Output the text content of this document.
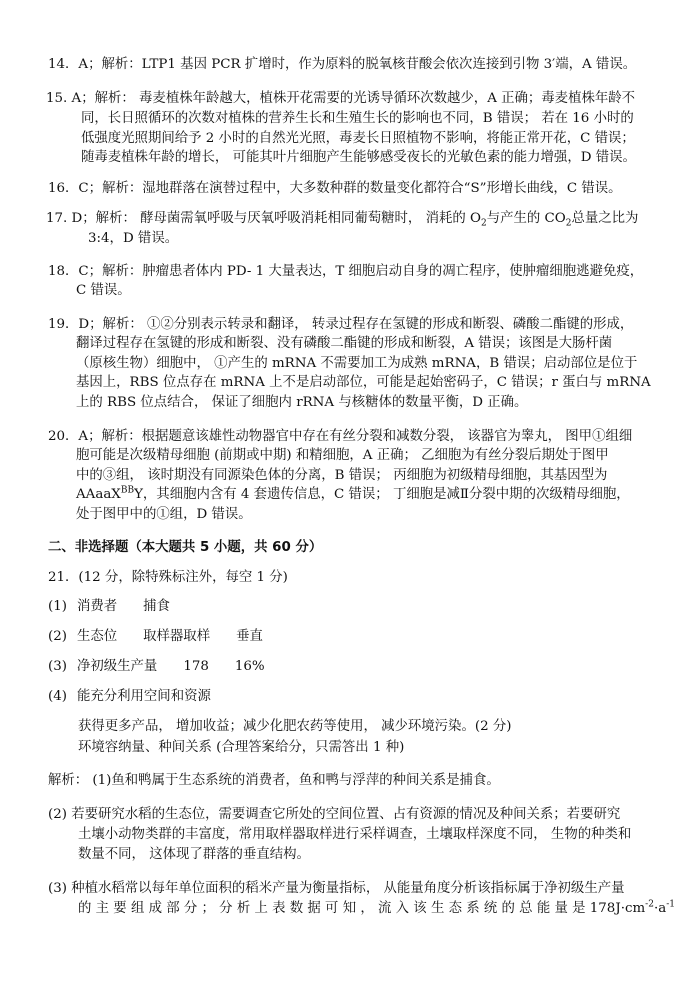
14．A；解析：LTP1 基因 PCR 扩增时，作为原料的脱氧核苷酸会依次连接到引物 3′端，A 错误。
15. A；解析： 毒麦植株年龄越大，植株开花需要的光诱导循环次数越少，A 正确；毒麦植株年龄不
同，长日照循环的次数对植株的营养生长和生殖生长的影响也不同，B 错误； 若在 16 小时的
低强度光照期间给予 2 小时的自然光光照，毒麦长日照植物不影响，将能正常开花，C 错误；
随毒麦植株年龄的增长， 可能其叶片细胞产生能够感受夜长的光敏色素的能力增强，D 错误。
16．C；解析：湿地群落在演替过程中，大多数种群的数量变化都符合“S”形增长曲线，C 错误。
17. D；解析： 酵母菌需氧呼吸与厌氧呼吸消耗相同葡萄糖时， 消耗的 $O_2$与产生的 $CO_2$总量之比为
3:4，D 错误。
18．C；解析：肿瘤患者体内 PD- 1 大量表达，T 细胞启动自身的凋亡程序，使肿瘤细胞逃避免疫，
C 错误。
19．D；解析： ①②分别表示转录和翻译， 转录过程存在氢键的形成和断裂、磷酸二酯键的形成，
翻译过程存在氢键的形成和断裂、没有磷酸二酯键的形成和断裂，A 错误；该图是大肠杆菌
（原核生物）细胞中， ①产生的 mRNA 不需要加工为成熟 mRNA，B 错误；启动部位是位于
基因上，RBS 位点存在 mRNA 上不是启动部位，可能是起始密码子，C 错误；r 蛋白与 mRNA
上的 RBS 位点结合， 保证了细胞内 rRNA 与核糖体的数量平衡，D 正确。
20．A；解析：根据题意该雄性动物器官中存在有丝分裂和减数分裂， 该器官为睾丸， 图甲①组细
胞可能是次级精母细胞 (前期或中期) 和精细胞，A 正确； 乙细胞为有丝分裂后期处于图甲
中的③组， 该时期没有同源染色体的分离，B 错误； 丙细胞为初级精母细胞，其基因型为
AAaaX$^{BB}$Y，其细胞内含有 4 套遗传信息，C 错误； 丁细胞是减Ⅱ分裂中期的次级精母细胞，
处于图甲中的①组，D 错误。
二、非选择题（本大题共 5 小题，共 60 分）
21．(12 分，除特殊标注外，每空 1 分)
(1) 消费者 捕食
(2) 生态位 取样器取样 垂直
(3) 净初级生产量 178 16%
(4) 能充分利用空间和资源
获得更多产品， 增加收益；减少化肥农药等使用， 减少环境污染。(2 分)
环境容纳量、种间关系 (合理答案给分，只需答出 1 种)
解析： (1)鱼和鸭属于生态系统的消费者，鱼和鸭与浮萍的种间关系是捕食。
(2) 若要研究水稻的生态位，需要调查它所处的空间位置、占有资源的情况及种间关系；若要研究
土壤小动物类群的丰富度，常用取样器取样进行采样调查，土壤取样深度不同， 生物的种类和
数量不同， 这体现了群落的垂直结构。
(3) 种植水稻常以每年单位面积的稻米产量为衡量指标， 从能量角度分析该指标属于净初级生产量
的 主 要 组 成 部 分 ； 分 析 上 表 数 据 可 知 ， 流 入 该 生 态 系 统 的 总 能 量 是 $178J\cdot cm^{-2}\cdot a^{-1}$
